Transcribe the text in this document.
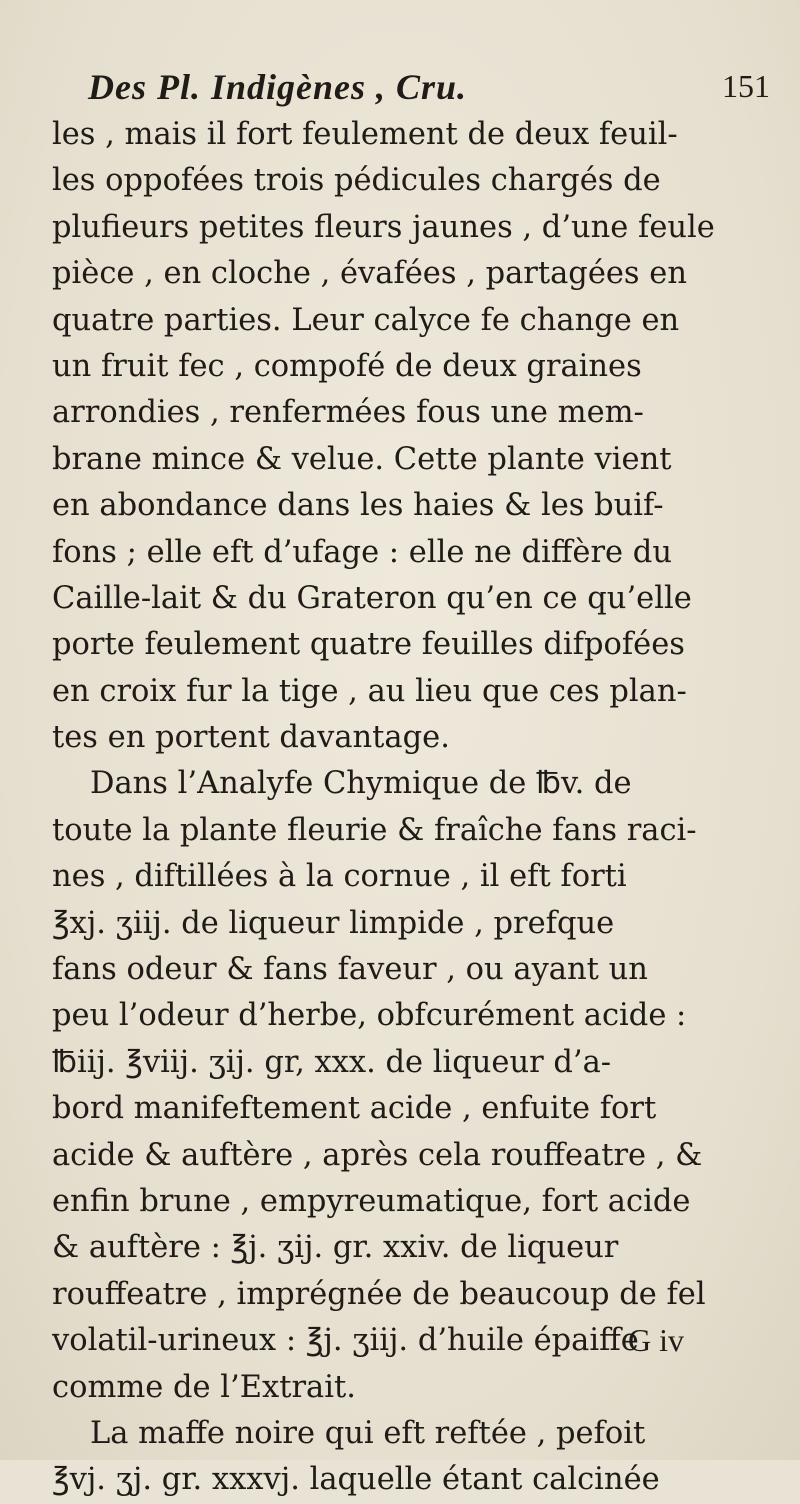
Des Pl. Indigènes , Cru.	151
les , mais il fort feulement de deux feuil-
les oppofées trois pédicules chargés de
plufieurs petites fleurs jaunes , d’une feule
pièce , en cloche , évafées , partagées en
quatre parties. Leur calyce fe change en
un fruit fec , compofé de deux graines
arrondies , renfermées fous une mem-
brane mince & velue. Cette plante vient
en abondance dans les haies & les buif-
fons ; elle eft d’ufage : elle ne diffère du
Caille-lait & du Grateron qu’en ce qu’elle
porte feulement quatre feuilles difpofées
en croix fur la tige , au lieu que ces plan-
tes en portent davantage.
Dans l’Analyfe Chymique de ℔v. de
toute la plante fleurie & fraîche fans raci-
nes , diftillées à la cornue , il eft forti
℥xj. ʒiij. de liqueur limpide , prefque
fans odeur & fans faveur , ou ayant un
peu l’odeur d’herbe, obfcurément acide :
℔iij. ℥viij. ʒij. gr, xxx. de liqueur d’a-
bord manifeftement acide , enfuite fort
acide & auftère , après cela rouffeatre , &
enfin brune , empyreumatique, fort acide
& auftère : ℥j. ʒij. gr. xxiv. de liqueur
rouffeatre , imprégnée de beaucoup de fel
volatil-urineux : ℥j. ʒiij. d’huile épaiffe
comme de l’Extrait.
La maffe noire qui eft reftée , pefoit
℥vj. ʒj. gr. xxxvj. laquelle étant calcinée
G iv
